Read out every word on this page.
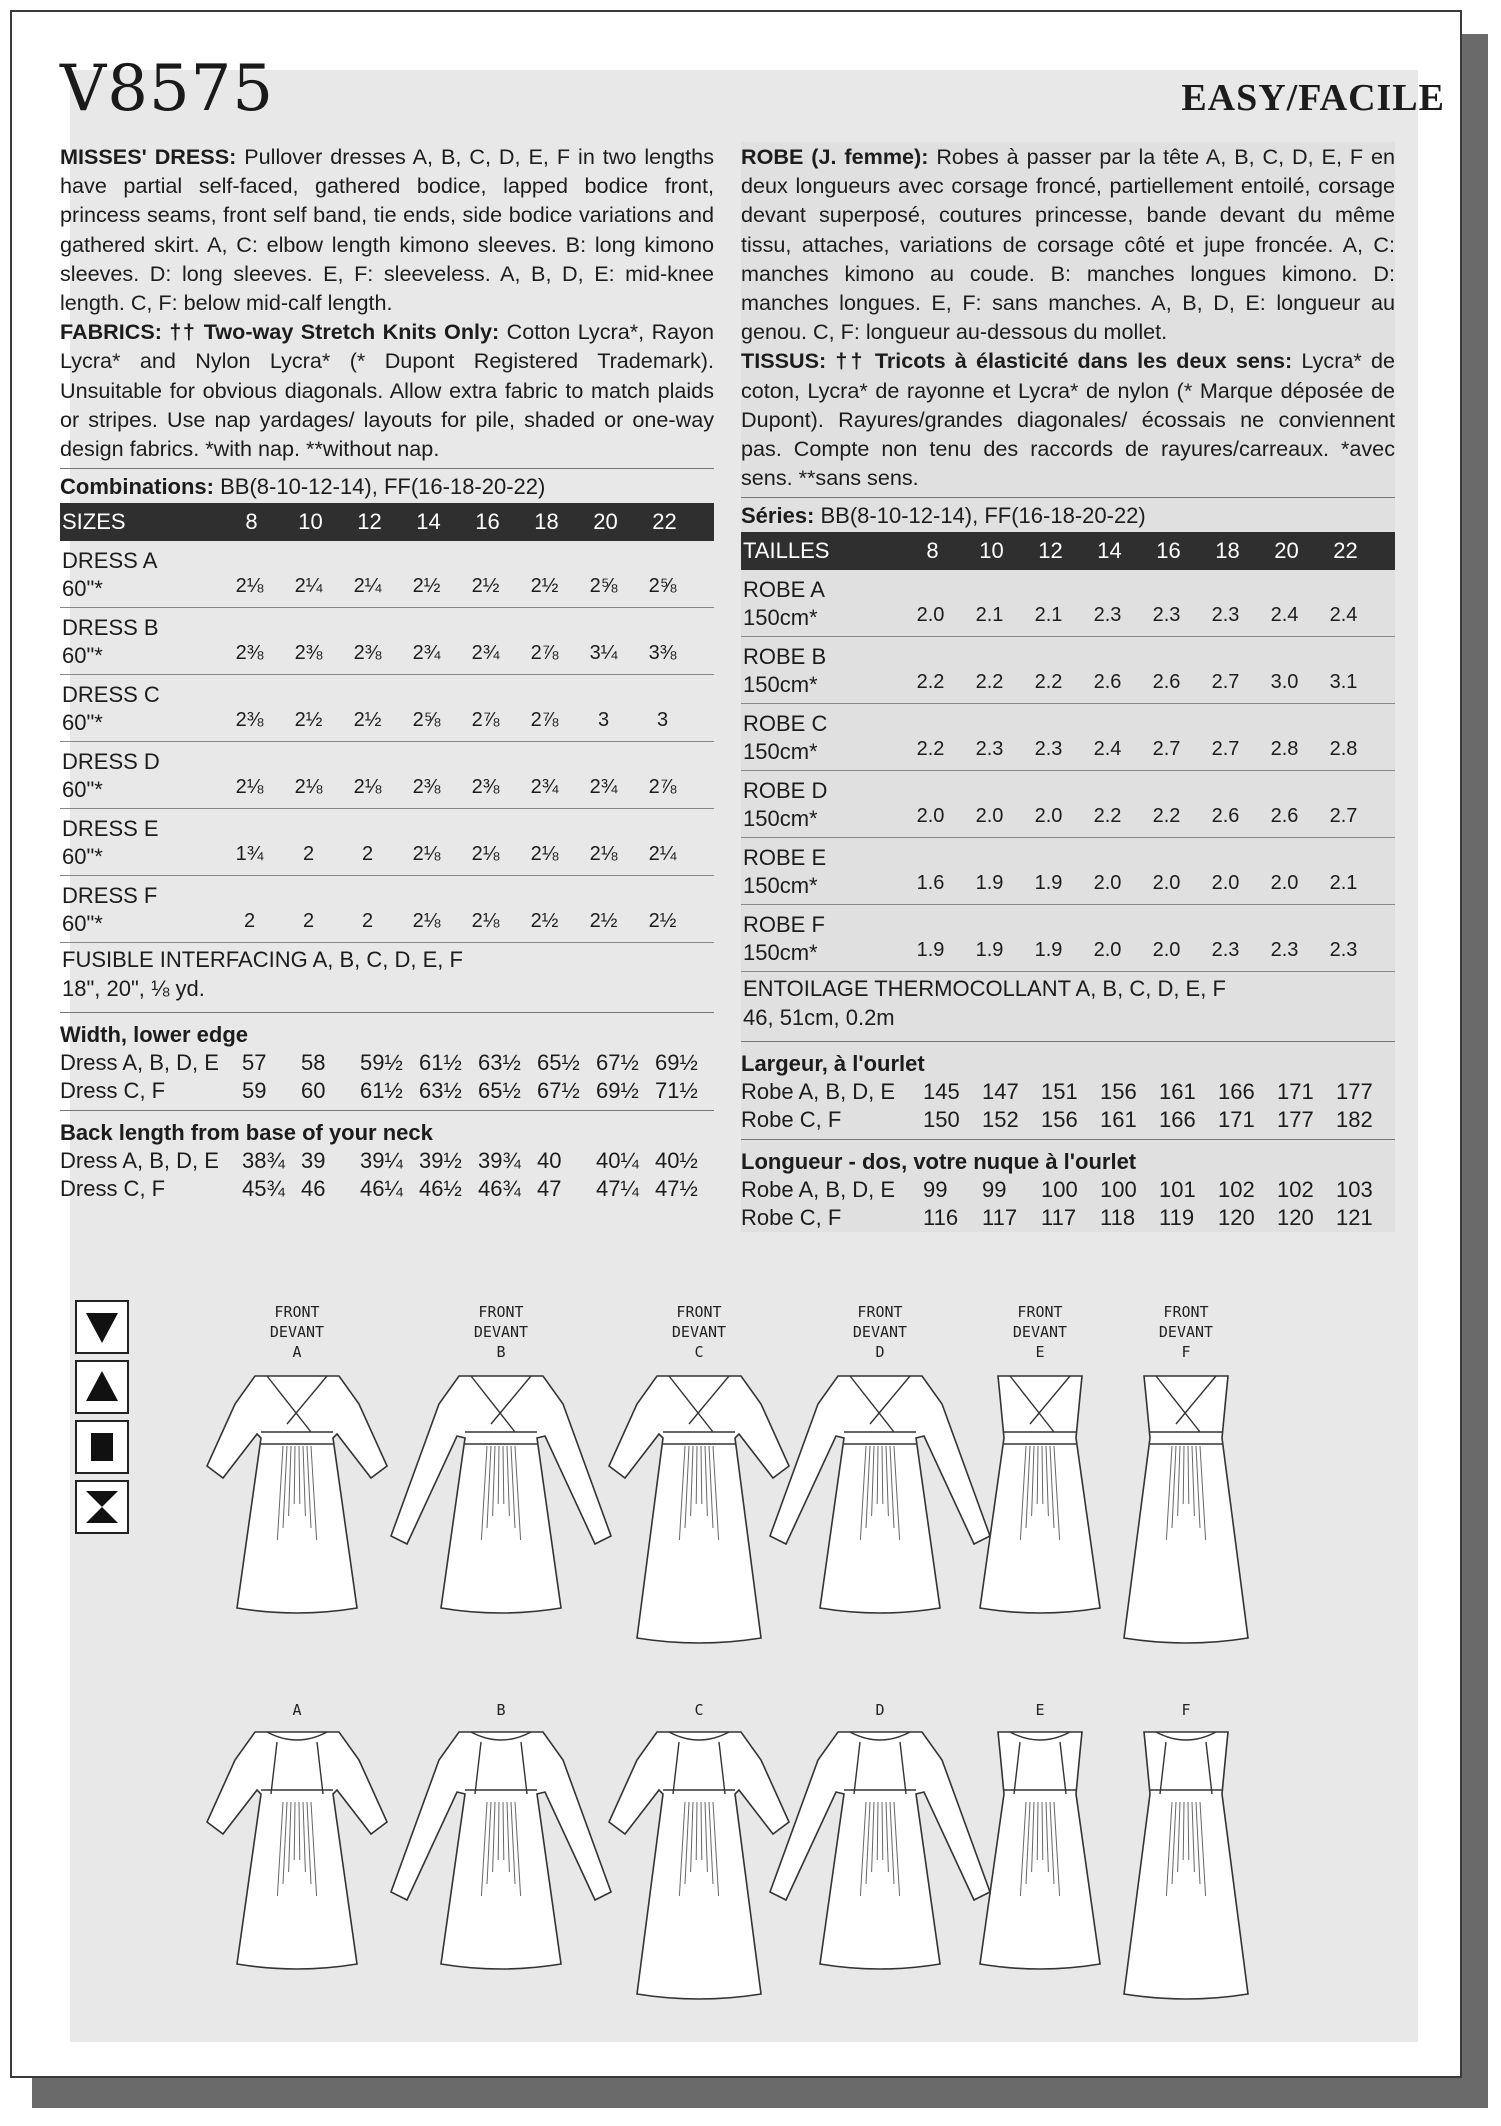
V8575	EASY/FACILE

MISSES' DRESS: Pullover dresses A, B, C, D, E, F in two lengths have partial self-faced, gathered bodice, lapped bodice front, princess seams, front self band, tie ends, side bodice variations and gathered skirt. A, C: elbow length kimono sleeves. B: long kimono sleeves. D: long sleeves. E, F: sleeveless. A, B, D, E: mid-knee length. C, F: below mid-calf length.

FABRICS: †† Two-way Stretch Knits Only: Cotton Lycra*, Rayon Lycra* and Nylon Lycra* (* Dupont Registered Trademark). Unsuitable for obvious diagonals. Allow extra fabric to match plaids or stripes. Use nap yardages/ layouts for pile, shaded or one-way design fabrics. *with nap. **without nap.

Combinations: BB(8-10-12-14), FF(16-18-20-22)
SIZES	8	10	12	14	16	18	20	22
DRESS A
60"*	2⅛	2¼	2¼	2½	2½	2½	2⅝	2⅝
DRESS B
60"*	2⅜	2⅜	2⅜	2¾	2¾	2⅞	3¼	3⅜
DRESS C
60"*	2⅜	2½	2½	2⅝	2⅞	2⅞	3	3
DRESS D
60"*	2⅛	2⅛	2⅛	2⅜	2⅜	2¾	2¾	2⅞
DRESS E
60"*	1¾	2	2	2⅛	2⅛	2⅛	2⅛	2¼
DRESS F
60"*	2	2	2	2⅛	2⅛	2½	2½	2½
FUSIBLE INTERFACING A, B, C, D, E, F
18", 20", ⅛ yd.
Width, lower edge
Dress A, B, D, E	57	58	59½ 61½ 63½ 65½ 67½ 69½
Dress C, F	59	60	61½ 63½ 65½ 67½ 69½ 71½
Back length from base of your neck
Dress A, B, D, E	38¾ 39	39¼ 39½ 39¾ 40	40¼ 40½
Dress C, F	45¾ 46	46¼ 46½ 46¾ 47	47¼ 47½

ROBE (J. femme): Robes à passer par la tête A, B, C, D, E, F en deux longueurs avec corsage froncé, partiellement entoilé, corsage devant superposé, coutures princesse, bande devant du même tissu, attaches, variations de corsage côté et jupe froncée. A, C: manches kimono au coude. B: manches longues kimono. D: manches longues. E, F: sans manches. A, B, D, E: longueur au genou. C, F: longueur au-dessous du mollet.

TISSUS: †† Tricots à élasticité dans les deux sens: Lycra* de coton, Lycra* de rayonne et Lycra* de nylon (* Marque déposée de Dupont). Rayures/grandes diagonales/ écossais ne conviennent pas. Compte non tenu des raccords de rayures/carreaux. *avec sens. **sans sens.

Séries: BB(8-10-12-14), FF(16-18-20-22)
TAILLES	8	10	12	14	16	18	20	22
ROBE A
150cm*	2.0	2.1	2.1	2.3	2.3	2.3	2.4	2.4
ROBE B
150cm*	2.2	2.2	2.2	2.6	2.6	2.7	3.0	3.1
ROBE C
150cm*	2.2	2.3	2.3	2.4	2.7	2.7	2.8	2.8
ROBE D
150cm*	2.0	2.0	2.0	2.2	2.2	2.6	2.6	2.7
ROBE E
150cm*	1.6	1.9	1.9	2.0	2.0	2.0	2.0	2.1
ROBE F
150cm*	1.9	1.9	1.9	2.0	2.0	2.3	2.3	2.3
ENTOILAGE THERMOCOLLANT A, B, C, D, E, F
46, 51cm, 0.2m
Largeur, à l'ourlet
Robe A, B, D, E	145	147	151	156	161	166	171	177
Robe C, F	150	152	156	161	166	171	177	182
Longueur - dos, votre nuque à l'ourlet
Robe A, B, D, E	99	99	100	100	101	102	102	103
Robe C, F	116	117	117	118	119	120	120	121
FRONT
DEVANT
A
A
FRONT
DEVANT
B
B
FRONT
DEVANT
C
C
FRONT
DEVANT
D
D
FRONT
DEVANT
E
E
FRONT
DEVANT
F
F
